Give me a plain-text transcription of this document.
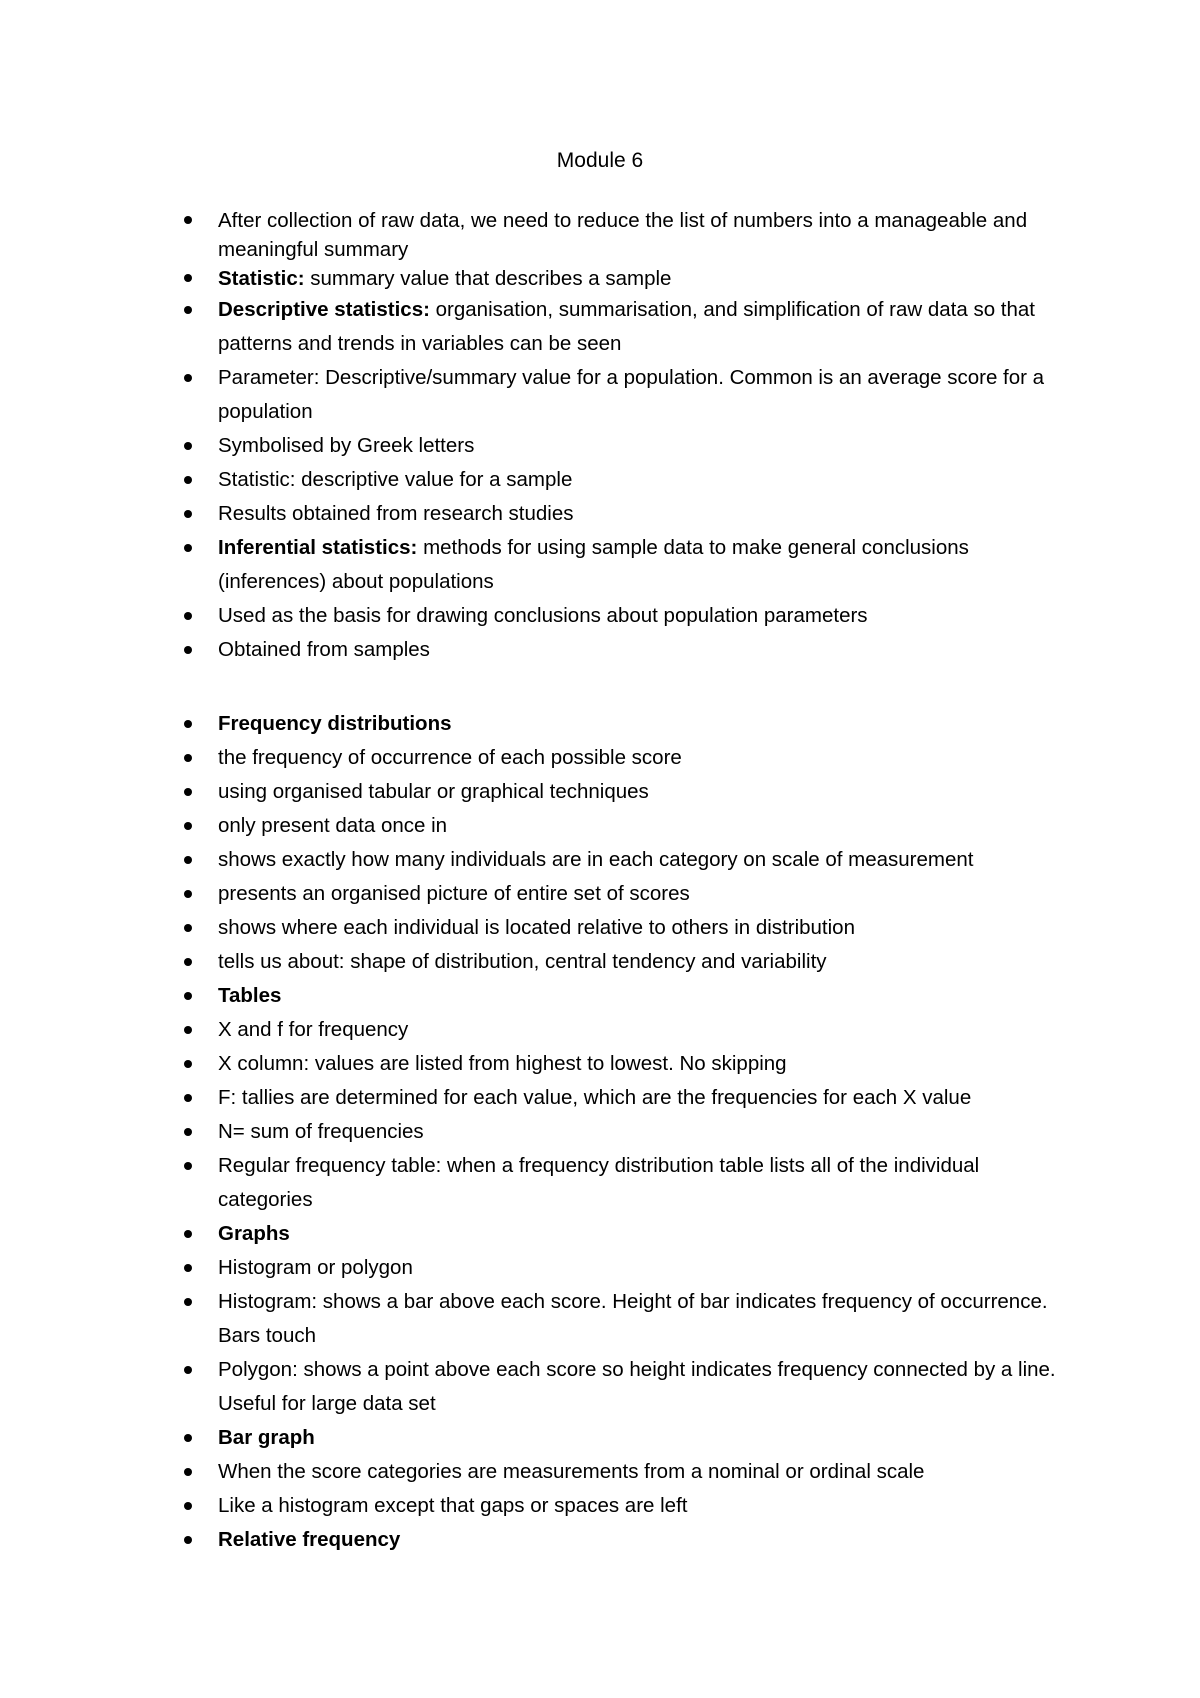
Module 6
After collection of raw data, we need to reduce the list of numbers into a manageable and meaningful summary
Statistic: summary value that describes a sample
Descriptive statistics: organisation, summarisation, and simplification of raw data so that patterns and trends in variables can be seen
Parameter: Descriptive/summary value for a population. Common is an average score for a population
Symbolised by Greek letters
Statistic: descriptive value for a sample
Results obtained from research studies
Inferential statistics: methods for using sample data to make general conclusions (inferences) about populations
Used as the basis for drawing conclusions about population parameters
Obtained from samples
Frequency distributions
the frequency of occurrence of each possible score
using organised tabular or graphical techniques
only present data once in
shows exactly how many individuals are in each category on scale of measurement
presents an organised picture of entire set of scores
shows where each individual is located relative to others in distribution
tells us about: shape of distribution, central tendency and variability
Tables
X and f for frequency
X column: values are listed from highest to lowest. No skipping
F: tallies are determined for each value, which are the frequencies for each X value
N= sum of frequencies
Regular frequency table: when a frequency distribution table lists all of the individual categories
Graphs
Histogram or polygon
Histogram: shows a bar above each score. Height of bar indicates frequency of occurrence. Bars touch
Polygon: shows a point above each score so height indicates frequency connected by a line. Useful for large data set
Bar graph
When the score categories are measurements from a nominal or ordinal scale
Like a histogram except that gaps or spaces are left
Relative frequency
